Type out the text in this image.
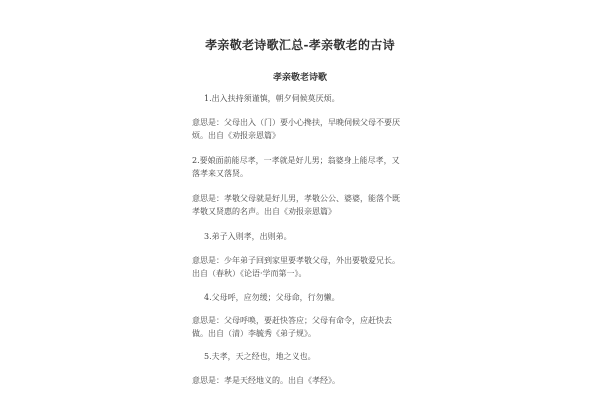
孝亲敬老诗歌汇总-孝亲敬老的古诗
孝亲敬老诗歌
1.出入扶持须谨慎，朝夕伺候莫厌烦。
意思是：父母出入（门）要小心搀扶，早晚伺候父母不要厌
烦。出自《劝报亲恩篇》
2.要娘面前能尽孝，一孝就是好儿男；翁婆身上能尽孝，又
落孝来又落贤。
意思是：孝敬父母就是好儿男，孝敬公公、婆婆，能落个既
孝敬又贤惠的名声。出自《劝报亲恩篇》
3.弟子入则孝，出则弟。
意思是：少年弟子回到家里要孝敬父母，外出要敬爱兄长。
出自（春秋）《论语·学而第一》。
4.父母呼，应勿缓；父母命，行勿懒。
意思是：父母呼唤，要赶快答应；父母有命令，应赶快去
做。出自（清）李毓秀《弟子规》。
5.夫孝，天之经也，地之义也。
意思是：孝是天经地义的。出自《孝经》。
